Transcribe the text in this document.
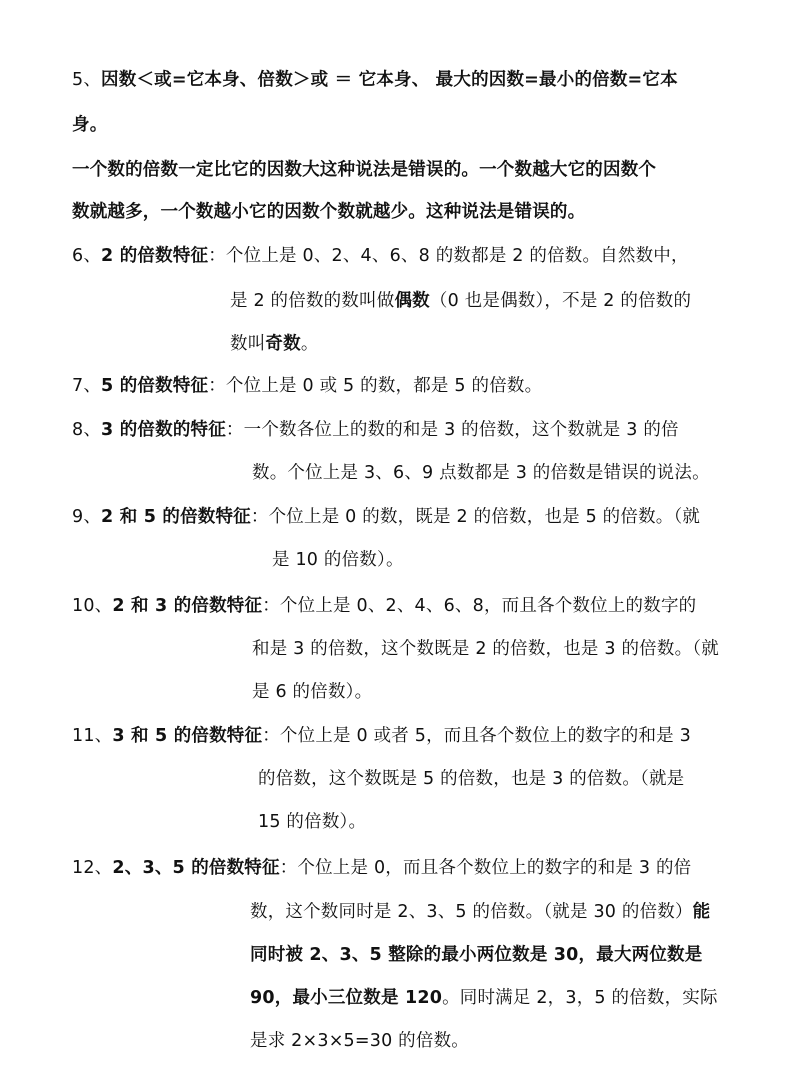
5、因数＜或=它本身、倍数＞或 ＝ 它本身、 最大的因数=最小的倍数=它本
身。
一个数的倍数一定比它的因数大这种说法是错误的。一个数越大它的因数个
数就越多，一个数越小它的因数个数就越少。这种说法是错误的。
6、2 的倍数特征：个位上是 0、2、4、6、8 的数都是 2 的倍数。自然数中，
是 2 的倍数的数叫做偶数（0 也是偶数），不是 2 的倍数的
数叫奇数。
7、5 的倍数特征：个位上是 0 或 5 的数，都是 5 的倍数。
8、3 的倍数的特征：一个数各位上的数的和是 3 的倍数，这个数就是 3 的倍
数。个位上是 3、6、9 点数都是 3 的倍数是错误的说法。
9、2 和 5 的倍数特征：个位上是 0 的数，既是 2 的倍数，也是 5 的倍数。（就
是 10 的倍数）。
10、2 和 3 的倍数特征：个位上是 0、2、4、6、8，而且各个数位上的数字的
和是 3 的倍数，这个数既是 2 的倍数，也是 3 的倍数。（就
是 6 的倍数）。
11、3 和 5 的倍数特征：个位上是 0 或者 5，而且各个数位上的数字的和是 3
的倍数，这个数既是 5 的倍数，也是 3 的倍数。（就是
15 的倍数）。
12、2、3、5 的倍数特征：个位上是 0，而且各个数位上的数字的和是 3 的倍
数，这个数同时是 2、3、5 的倍数。（就是 30 的倍数）能
同时被 2、3、5 整除的最小两位数是 30，最大两位数是
90，最小三位数是 120。同时满足 2，3，5 的倍数，实际
是求 2×3×5=30 的倍数。
